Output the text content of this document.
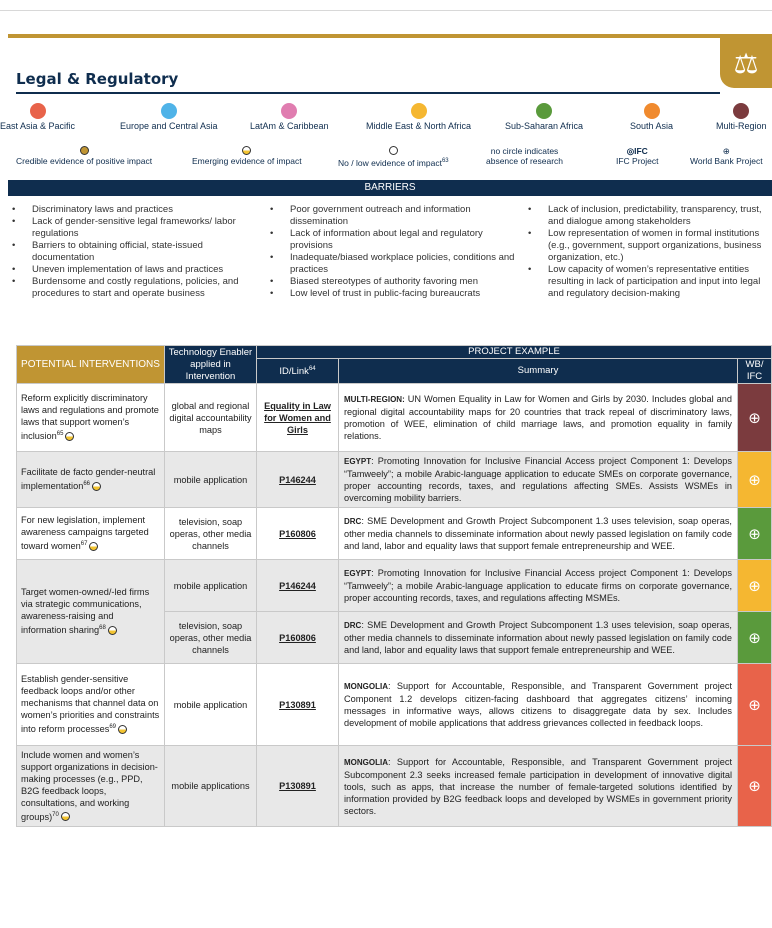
⚖
Legal & Regulatory
East Asia & Pacific	Europe and Central Asia	LatAm & Caribbean	Middle East & North Africa	Sub-Saharan Africa	South Asia	Multi-Region
Credible evidence of positive impact	Emerging evidence of impact	No / low evidence of impact$^{63}$
no circle indicates
absence of research
◎IFC
IFC Project
⊕
World Bank Project
BARRIERS
• Discriminatory laws and practices
• Lack of gender-sensitive legal frameworks/ labor regulations
• Barriers to obtaining official, state-issued documentation
• Uneven implementation of laws and practices
• Burdensome and costly regulations, policies, and procedures to start and operate business
• Poor government outreach and information dissemination
• Lack of information about legal and regulatory provisions
• Inadequate/biased workplace policies, conditions and practices
• Biased stereotypes of authority favoring men
• Low level of trust in public-facing bureaucrats
• Lack of inclusion, predictability, transparency, trust, and dialogue among stakeholders
• Low representation of women in formal institutions (e.g., government, support organizations, business organization, etc.)
• Low capacity of women’s representative entities resulting in lack of participation and input into legal and regulatory decision-making
POTENTIAL INTERVENTIONS	Technology Enabler applied in Intervention	PROJECT EXAMPLE		
		ID/Link$^{64}$	Summary	WB/ IFC
Reform explicitly discriminatory laws and regulations and promote laws that support women’s inclusion$^{65}$	global and regional digital accountability maps	Equality in Law for Women and Girls	MULTI-REGION: UN Women Equality in Law for Women and Girls by 2030. Includes global and regional digital accountability maps for 20 countries that track repeal of discriminatory laws, promotion of WEE, elimination of child marriage laws, and promotion equality in family relations.	⊕
Facilitate de facto gender-neutral implementation$^{66}$	mobile application	P146244	EGYPT: Promoting Innovation for Inclusive Financial Access project Component 1: Develops “Tamweely”; a mobile Arabic-language application to educate SMEs on corporate governance, proper accounting records, taxes, and regulations affecting SMEs. Assists WSMEs in overcoming mobility barriers.	⊕
For new legislation, implement awareness campaigns targeted toward women$^{67}$	television, soap operas, other media channels	P160806	DRC: SME Development and Growth Project Subcomponent 1.3 uses television, soap operas, other media channels to disseminate information about newly passed legislation on family code and land, labor and equality laws that support female entrepreneurship and WEE.	⊕
Target women-owned/-led firms via strategic communications, awareness-raising and information sharing$^{68}$	mobile application	P146244	EGYPT: Promoting Innovation for Inclusive Financial Access project Component 1: Develops “Tamweely”; a mobile Arabic-language application to educate firms on corporate governance, proper accounting records, taxes, and regulations affecting MSMEs.	⊕
	television, soap operas, other media channels	P160806	DRC: SME Development and Growth Project Subcomponent 1.3 uses television, soap operas, other media channels to disseminate information about newly passed legislation on family code and land, labor and equality laws that support female entrepreneurship and WEE.	⊕
Establish gender-sensitive feedback loops and/or other mechanisms that channel data on women’s priorities and constraints into reform processes$^{69}$	mobile application	P130891	MONGOLIA: Support for Accountable, Responsible, and Transparent Government project Component 1.2 develops citizen-facing dashboard that aggregates citizens’ incoming messages in informative ways, allows citizens to disaggregate data by sex. Includes development of mobile applications that address grievances collected in feedback loops.	⊕
Include women and women’s support organizations in decision-making processes (e.g., PPD, B2G feedback loops, consultations, and working groups)$^{70}$	mobile applications	P130891	MONGOLIA: Support for Accountable, Responsible, and Transparent Government project Subcomponent 2.3 seeks increased female participation in development of innovative digital tools, such as apps, that increase the number of female-targeted solutions identified by information provided by B2G feedback loops and developed by WSMEs in government priority sectors.	⊕
